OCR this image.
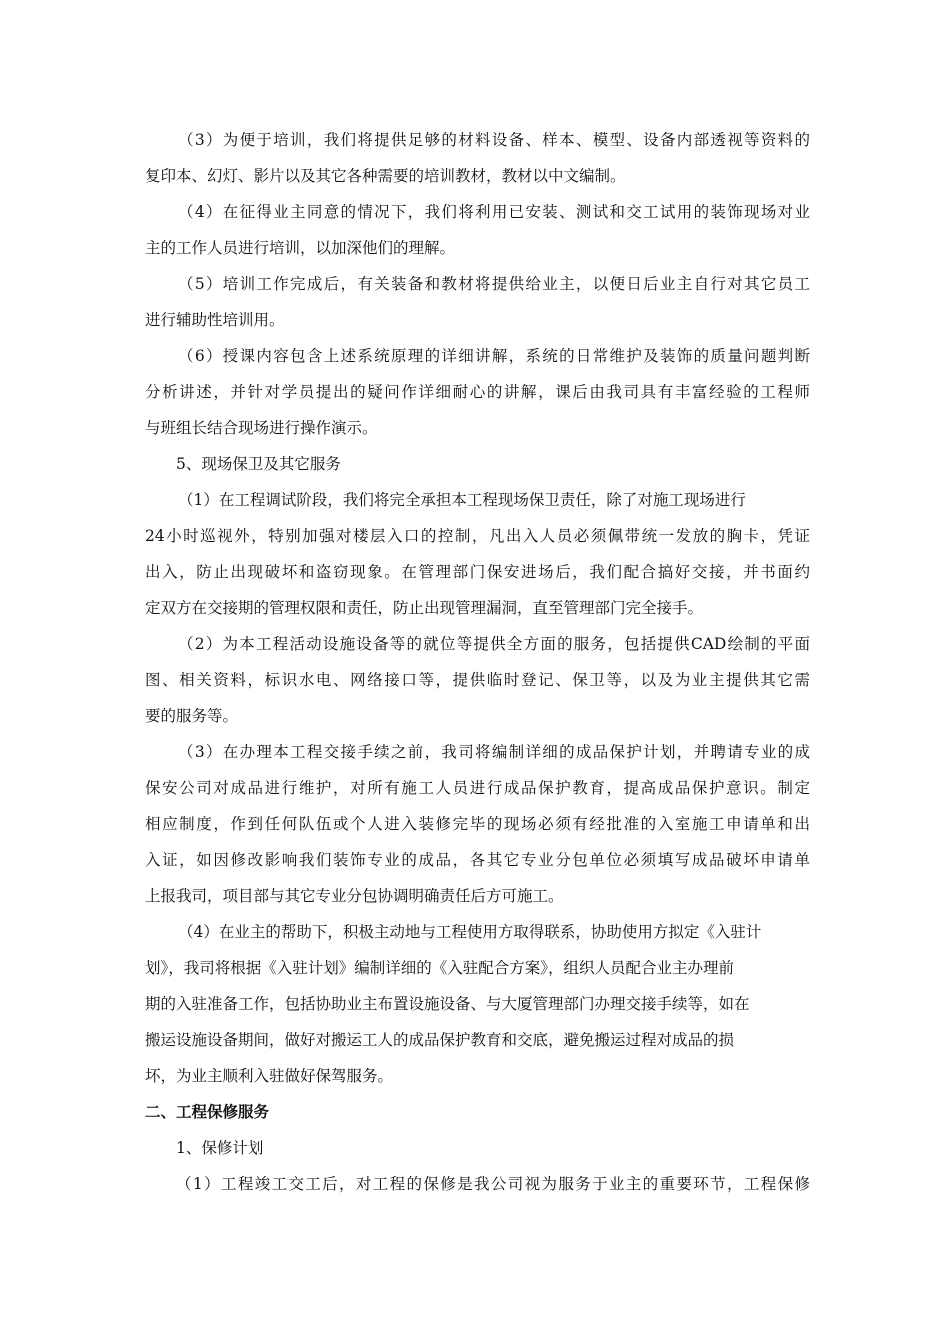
（3）为便于培训，我们将提供足够的材料设备、样本、模型、设备内部透视等资料的
复印本、幻灯、影片以及其它各种需要的培训教材，教材以中文编制。
（4）在征得业主同意的情况下，我们将利用已安装、测试和交工试用的装饰现场对业
主的工作人员进行培训，以加深他们的理解。
（5）培训工作完成后，有关装备和教材将提供给业主，以便日后业主自行对其它员工
进行辅助性培训用。
（6）授课内容包含上述系统原理的详细讲解，系统的日常维护及装饰的质量问题判断
分析讲述，并针对学员提出的疑问作详细耐心的讲解，课后由我司具有丰富经验的工程师
与班组长结合现场进行操作演示。
5、现场保卫及其它服务
（1）在工程调试阶段，我们将完全承担本工程现场保卫责任，除了对施工现场进行
24小时巡视外，特别加强对楼层入口的控制，凡出入人员必须佩带统一发放的胸卡，凭证
出入，防止出现破坏和盗窃现象。在管理部门保安进场后，我们配合搞好交接，并书面约
定双方在交接期的管理权限和责任，防止出现管理漏洞，直至管理部门完全接手。
（2）为本工程活动设施设备等的就位等提供全方面的服务，包括提供CAD绘制的平面
图、相关资料，标识水电、网络接口等，提供临时登记、保卫等，以及为业主提供其它需
要的服务等。
（3）在办理本工程交接手续之前，我司将编制详细的成品保护计划，并聘请专业的成
保安公司对成品进行维护，对所有施工人员进行成品保护教育，提高成品保护意识。制定
相应制度，作到任何队伍或个人进入装修完毕的现场必须有经批准的入室施工申请单和出
入证，如因修改影响我们装饰专业的成品，各其它专业分包单位必须填写成品破坏申请单
上报我司，项目部与其它专业分包协调明确责任后方可施工。
（4）在业主的帮助下，积极主动地与工程使用方取得联系，协助使用方拟定《入驻计
划》，我司将根据《入驻计划》编制详细的《入驻配合方案》，组织人员配合业主办理前
期的入驻准备工作，包括协助业主布置设施设备、与大厦管理部门办理交接手续等，如在
搬运设施设备期间，做好对搬运工人的成品保护教育和交底，避免搬运过程对成品的损
坏，为业主顺利入驻做好保驾服务。
二、工程保修服务
1、保修计划
（1）工程竣工交工后，对工程的保修是我公司视为服务于业主的重要环节，工程保修
